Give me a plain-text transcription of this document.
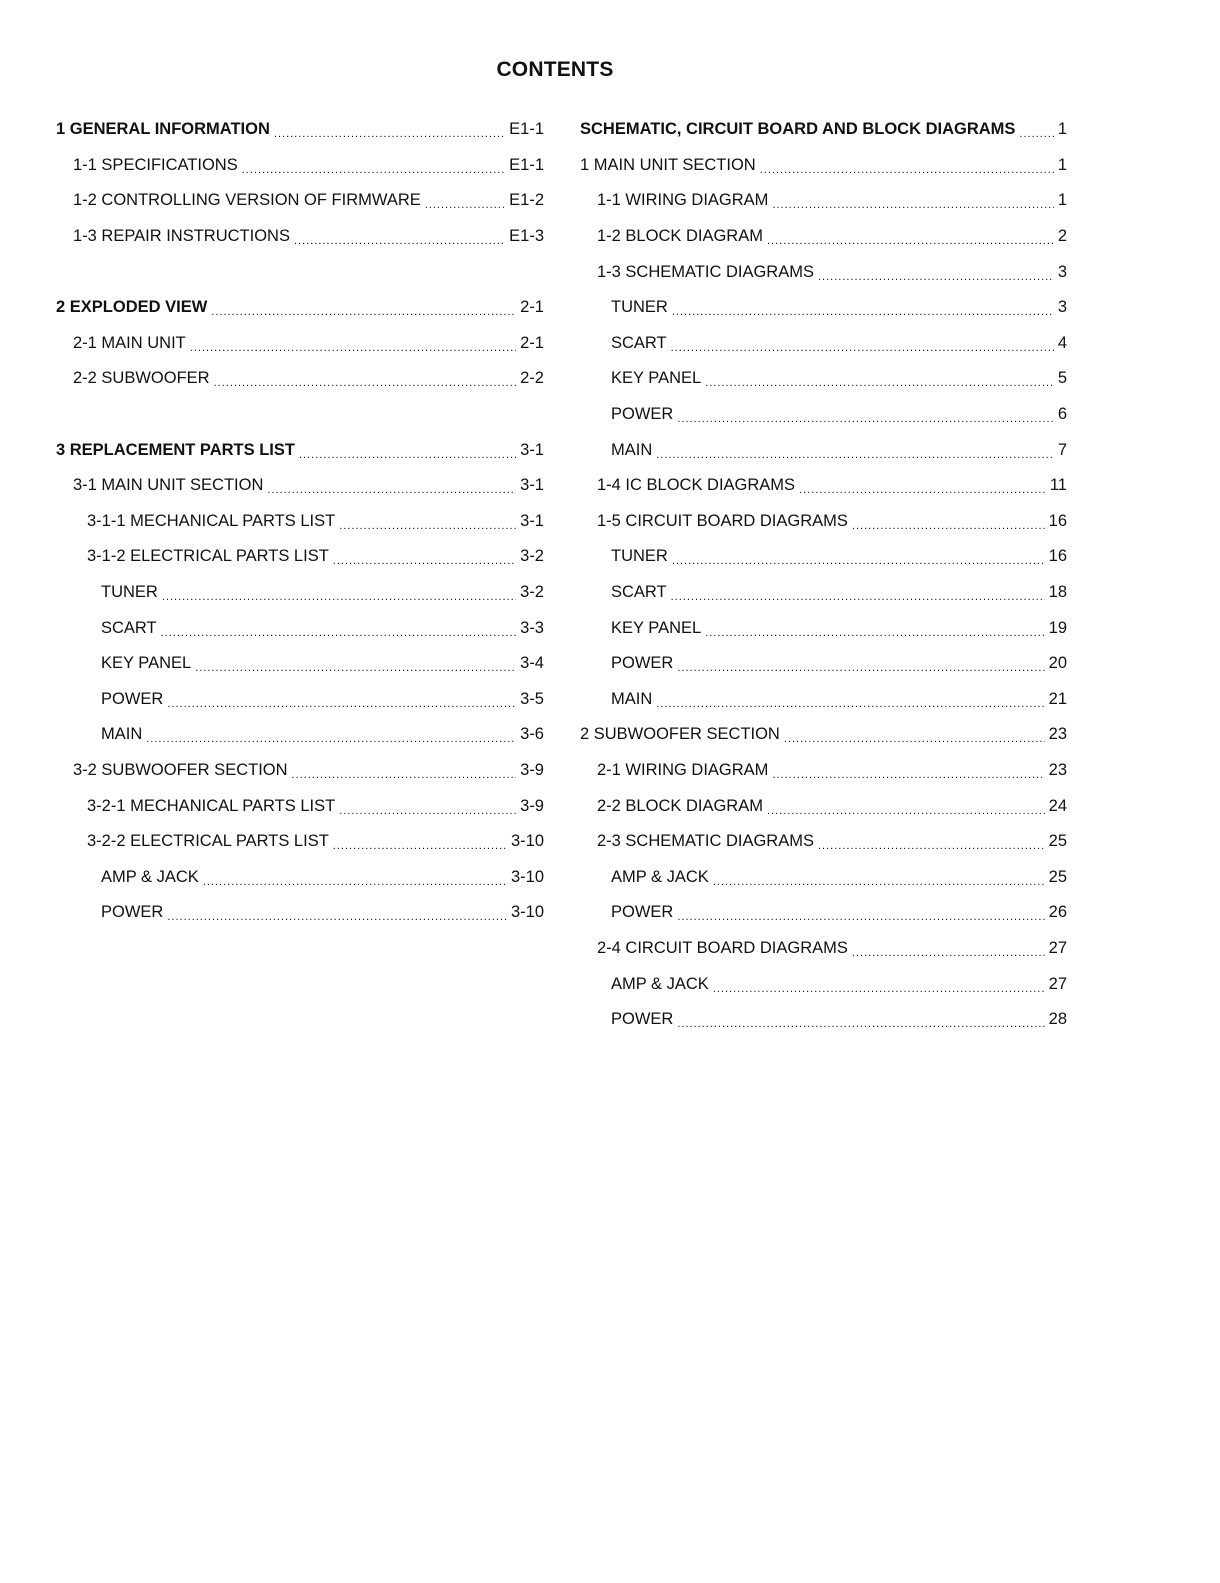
CONTENTS
1 GENERAL INFORMATION .....	E1-1
1-1 SPECIFICATIONS .....	E1-1
1-2 CONTROLLING VERSION OF FIRMWARE .....	E1-2
1-3 REPAIR INSTRUCTIONS .....	E1-3
2 EXPLODED VIEW .....	2-1
2-1 MAIN UNIT .....	2-1
2-2 SUBWOOFER .....	2-2
3 REPLACEMENT PARTS LIST .....	3-1
3-1 MAIN UNIT SECTION .....	3-1
3-1-1 MECHANICAL PARTS LIST .....	3-1
3-1-2 ELECTRICAL PARTS LIST .....	3-2
TUNER .....	3-2
SCART .....	3-3
KEY PANEL .....	3-4
POWER .....	3-5
MAIN .....	3-6
3-2 SUBWOOFER SECTION .....	3-9
3-2-1 MECHANICAL PARTS LIST .....	3-9
3-2-2 ELECTRICAL PARTS LIST .....	3-10
AMP & JACK .....	3-10
POWER .....	3-10
SCHEMATIC, CIRCUIT BOARD AND BLOCK DIAGRAMS .....	1
1 MAIN UNIT SECTION .....	1
1-1 WIRING DIAGRAM .....	1
1-2 BLOCK DIAGRAM .....	2
1-3 SCHEMATIC DIAGRAMS .....	3
TUNER .....	3
SCART .....	4
KEY PANEL .....	5
POWER .....	6
MAIN .....	7
1-4 IC BLOCK DIAGRAMS .....	11
1-5 CIRCUIT BOARD DIAGRAMS .....	16
TUNER .....	16
SCART .....	18
KEY PANEL .....	19
POWER .....	20
MAIN .....	21
2 SUBWOOFER SECTION .....	23
2-1 WIRING DIAGRAM .....	23
2-2 BLOCK DIAGRAM .....	24
2-3 SCHEMATIC DIAGRAMS .....	25
AMP & JACK .....	25
POWER .....	26
2-4 CIRCUIT BOARD DIAGRAMS .....	27
AMP & JACK .....	27
POWER .....	28
